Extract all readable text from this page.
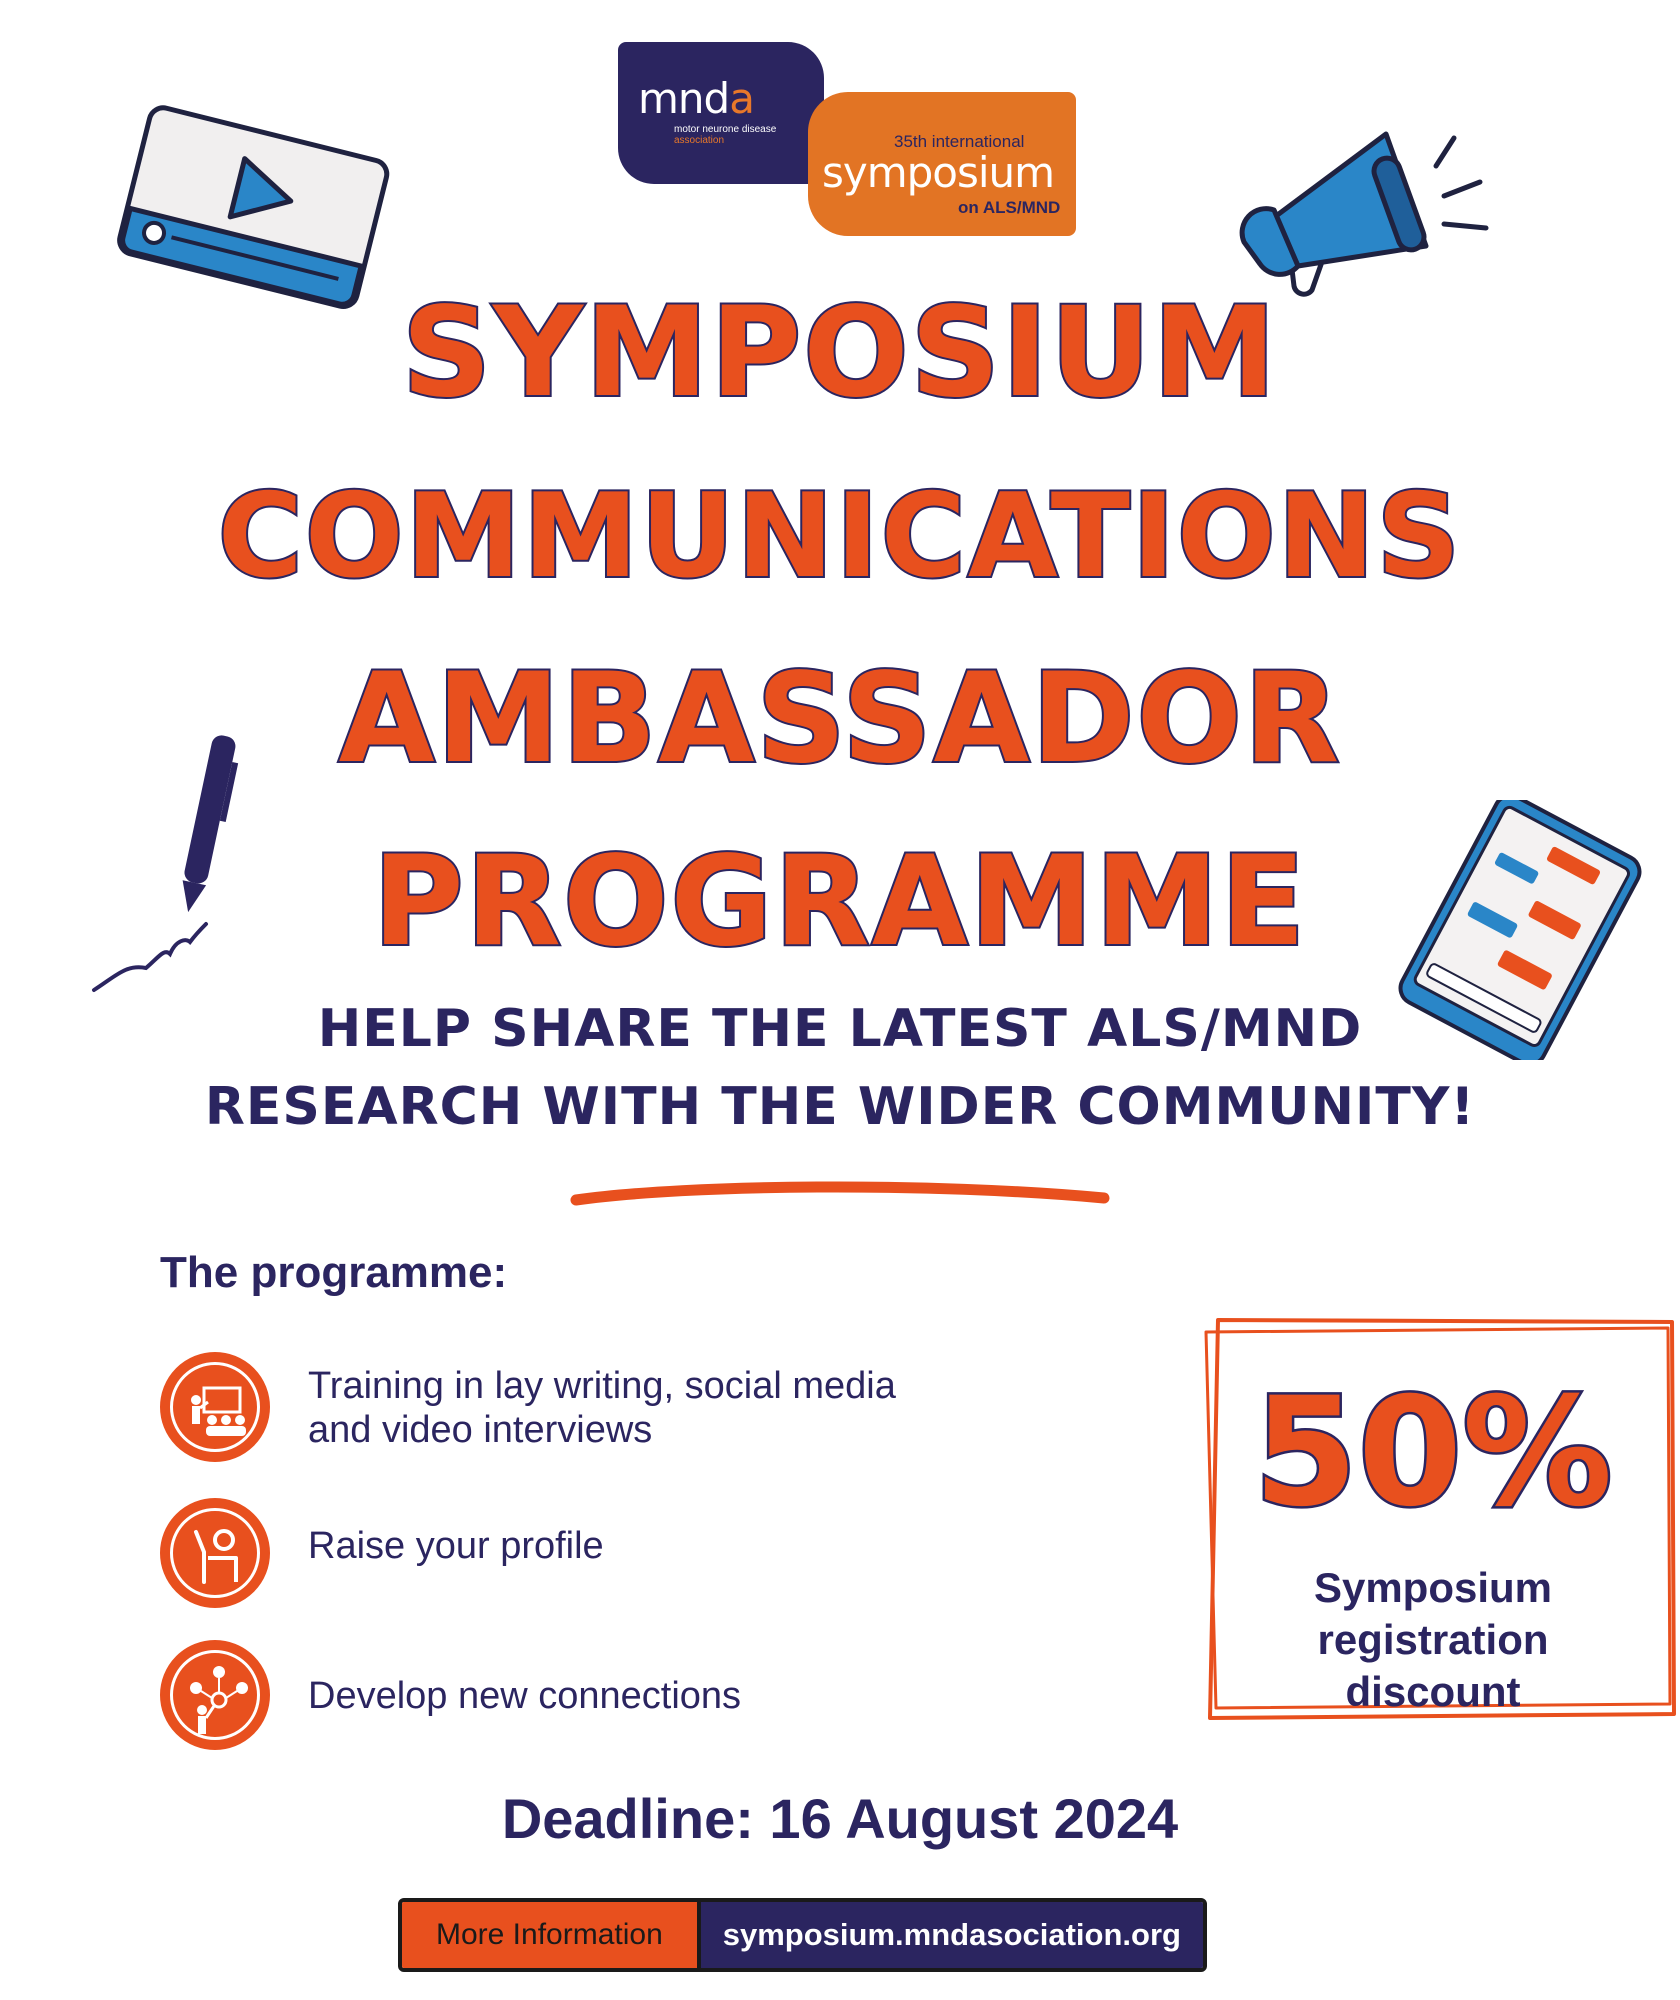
mnda
motor neurone disease
association	35th international
symposium
on ALS/MND
SYMPOSIUM
COMMUNICATIONS
AMBASSADOR
PROGRAMME
HELP SHARE THE LATEST ALS/MND
RESEARCH WITH THE WIDER COMMUNITY!
The programme:
Training in lay writing, social media
and video interviews
Raise your profile
Develop new connections
50%
Symposium
registration
discount
Deadline: 16 August 2024
More Information	symposium.mndasociation.org
